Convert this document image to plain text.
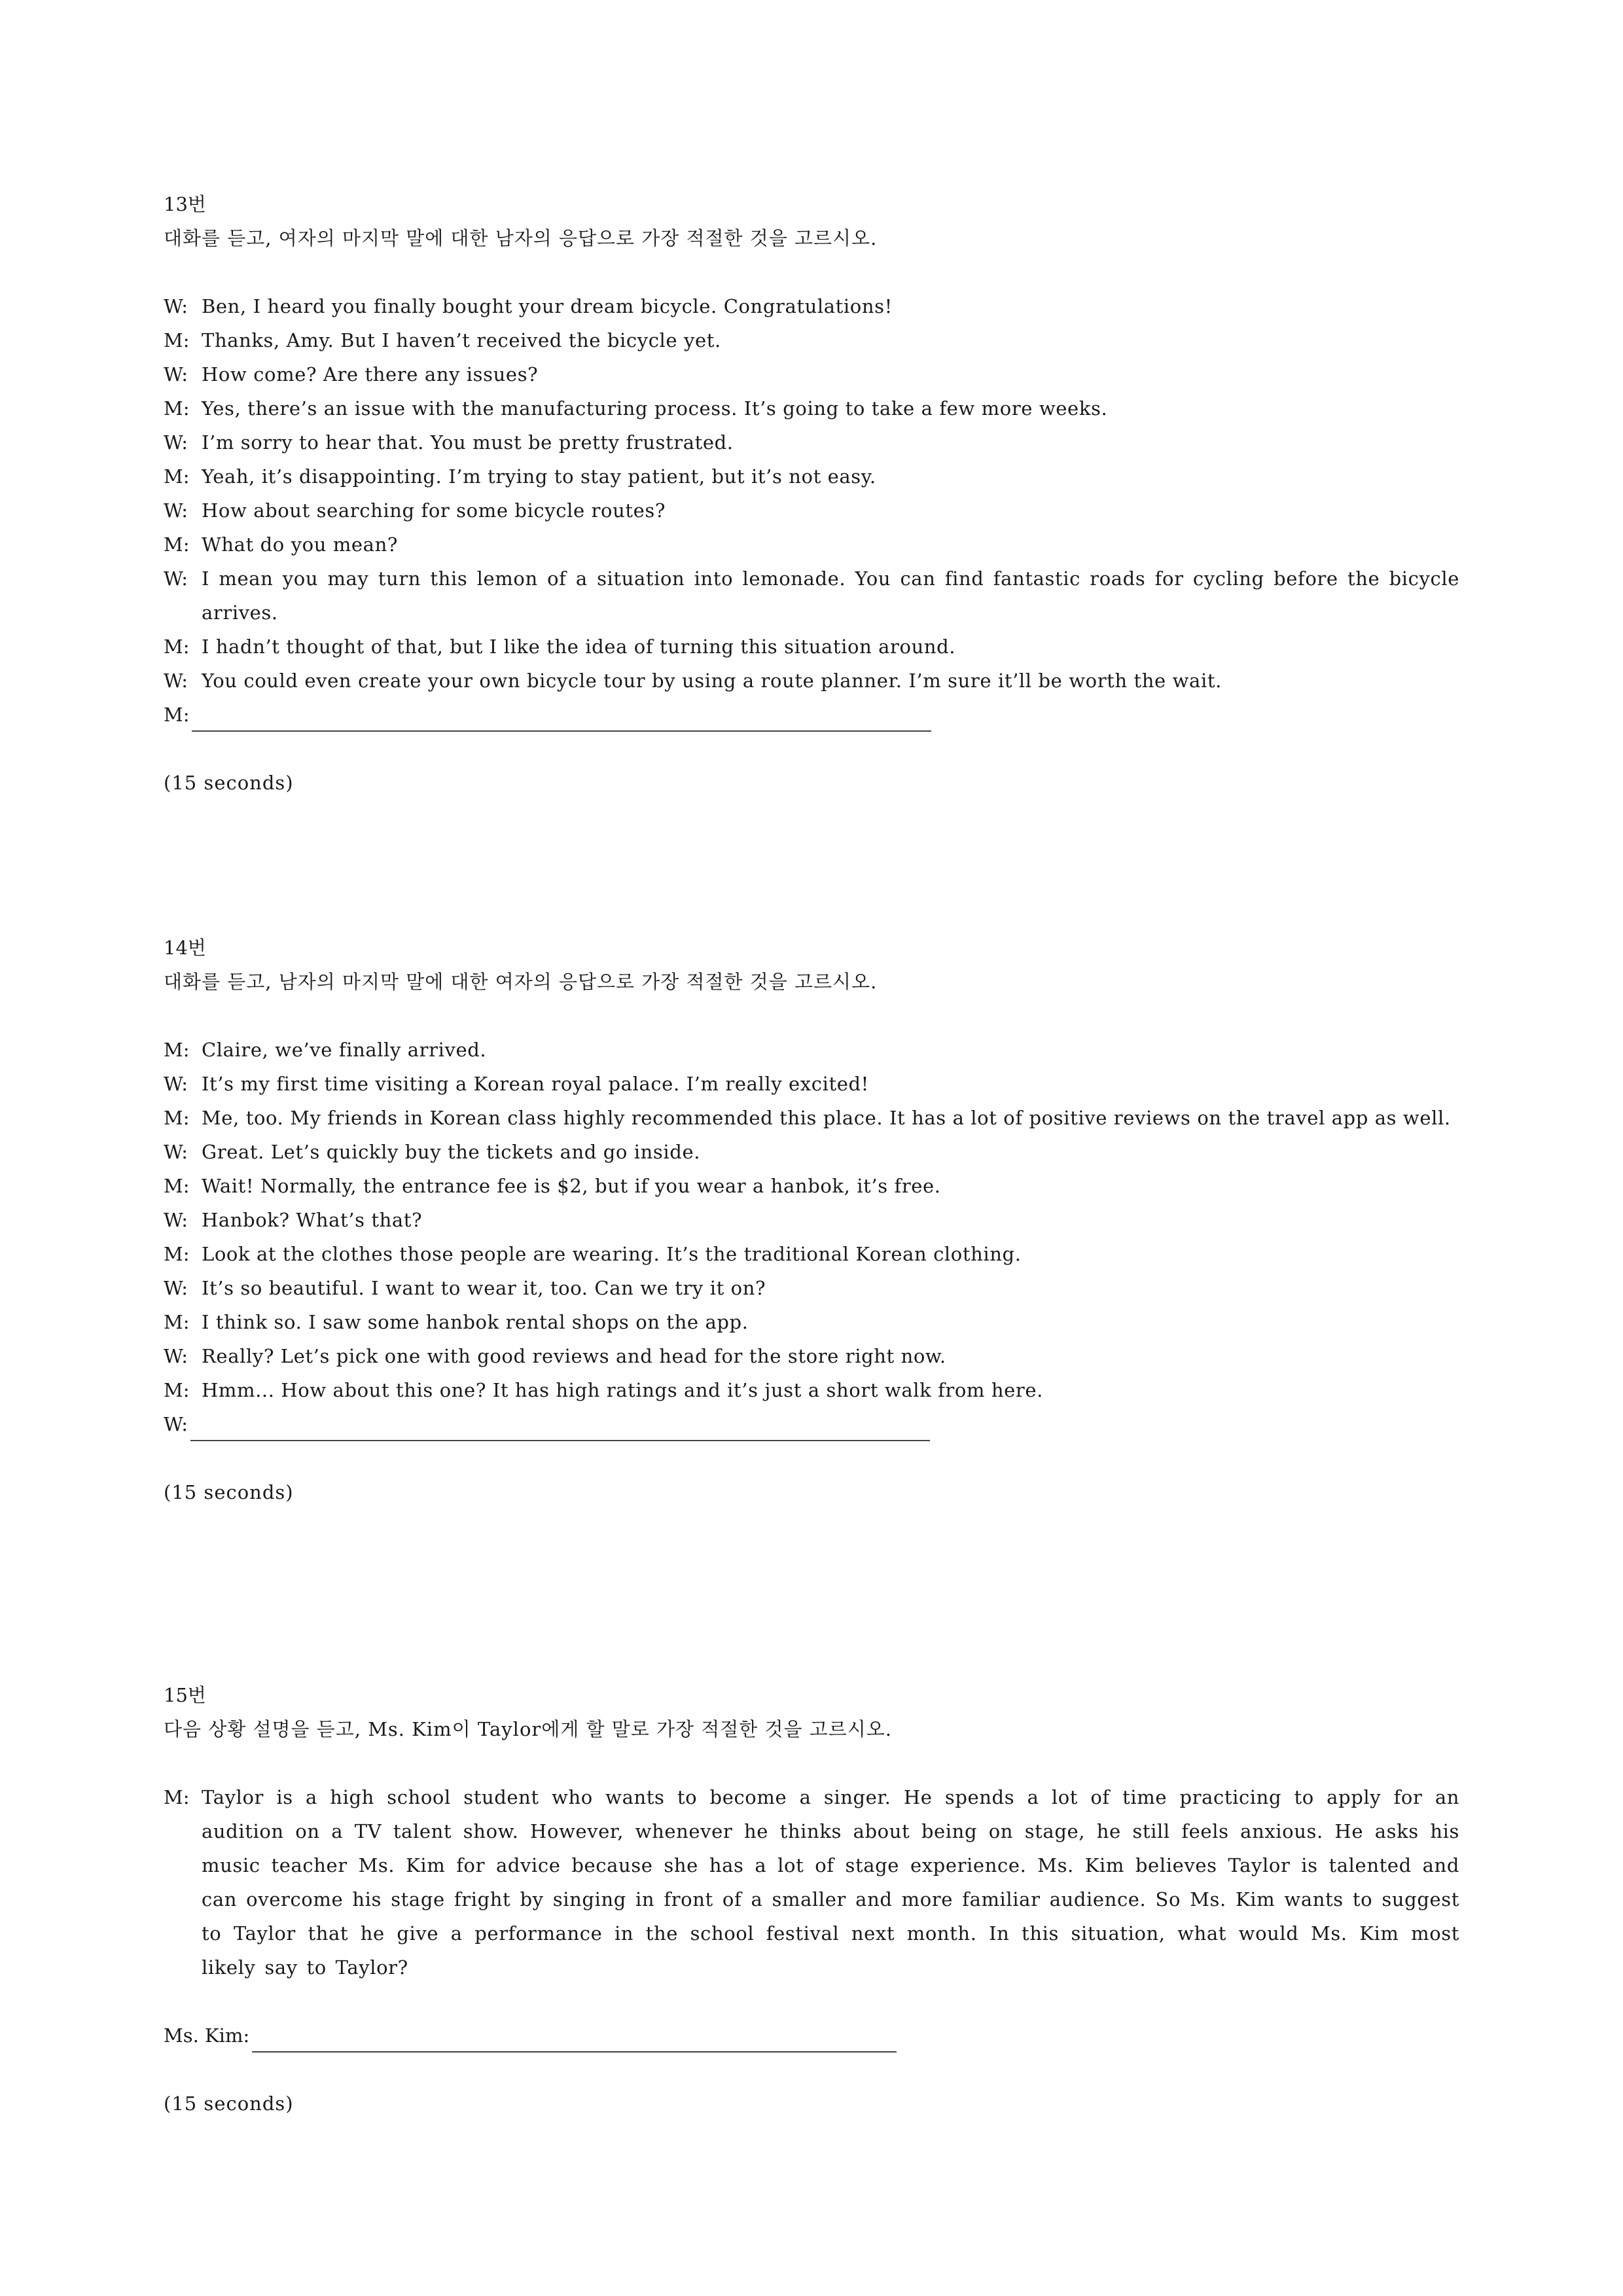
13번
대화를 듣고, 여자의 마지막 말에 대한 남자의 응답으로 가장 적절한 것을 고르시오.
W: Ben, I heard you finally bought your dream bicycle. Congratulations!
M: Thanks, Amy. But I haven’t received the bicycle yet.
W: How come? Are there any issues?
M: Yes, there’s an issue with the manufacturing process. It’s going to take a few more weeks.
W: I’m sorry to hear that. You must be pretty frustrated.
M: Yeah, it’s disappointing. I’m trying to stay patient, but it’s not easy.
W: How about searching for some bicycle routes?
M: What do you mean?
W: I mean you may turn this lemon of a situation into lemonade. You can find fantastic roads for cycling before the bicycle arrives.
M: I hadn’t thought of that, but I like the idea of turning this situation around.
W: You could even create your own bicycle tour by using a route planner. I’m sure it’ll be worth the wait.
M:
(15 seconds)
14번
대화를 듣고, 남자의 마지막 말에 대한 여자의 응답으로 가장 적절한 것을 고르시오.
M: Claire, we’ve finally arrived.
W: It’s my first time visiting a Korean royal palace. I’m really excited!
M: Me, too. My friends in Korean class highly recommended this place. It has a lot of positive reviews on the travel app as well.
W: Great. Let’s quickly buy the tickets and go inside.
M: Wait! Normally, the entrance fee is $2, but if you wear a hanbok, it’s free.
W: Hanbok? What’s that?
M: Look at the clothes those people are wearing. It’s the traditional Korean clothing.
W: It’s so beautiful. I want to wear it, too. Can we try it on?
M: I think so. I saw some hanbok rental shops on the app.
W: Really? Let’s pick one with good reviews and head for the store right now.
M: Hmm... How about this one? It has high ratings and it’s just a short walk from here.
W:
(15 seconds)
15번
다음 상황 설명을 듣고, Ms. Kim이 Taylor에게 할 말로 가장 적절한 것을 고르시오.
M: Taylor is a high school student who wants to become a singer. He spends a lot of time practicing to apply for an audition on a TV talent show. However, whenever he thinks about being on stage, he still feels anxious. He asks his music teacher Ms. Kim for advice because she has a lot of stage experience. Ms. Kim believes Taylor is talented and can overcome his stage fright by singing in front of a smaller and more familiar audience. So Ms. Kim wants to suggest to Taylor that he give a performance in the school festival next month. In this situation, what would Ms. Kim most likely say to Taylor?
Ms. Kim:
(15 seconds)
